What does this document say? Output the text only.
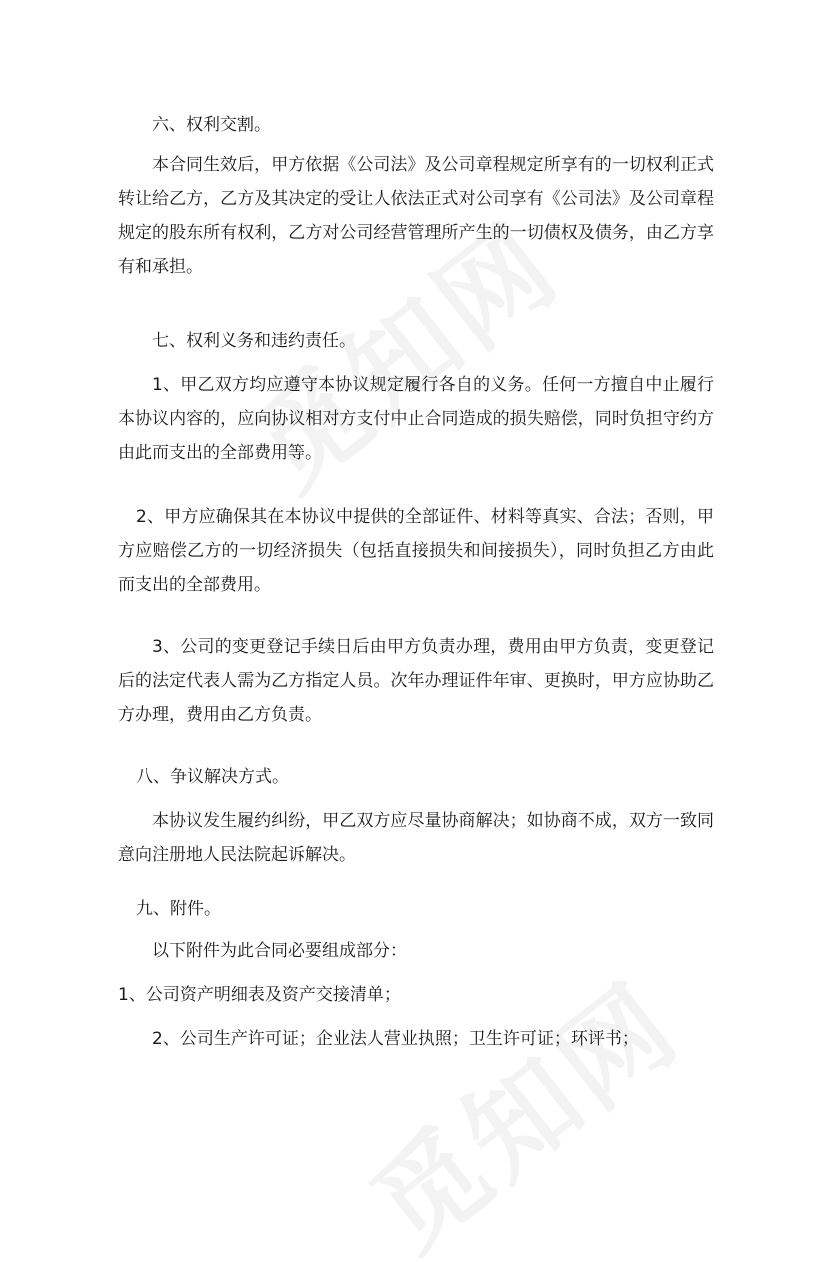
六、权利交割。

本合同生效后，甲方依据《公司法》及公司章程规定所享有的一切权利正式转让给乙方，乙方及其决定的受让人依法正式对公司享有《公司法》及公司章程规定的股东所有权利，乙方对公司经营管理所产生的一切债权及债务，由乙方享有和承担。

七、权利义务和违约责任。

1、甲乙双方均应遵守本协议规定履行各自的义务。任何一方擅自中止履行本协议内容的，应向协议相对方支付中止合同造成的损失赔偿，同时负担守约方由此而支出的全部费用等。

2、甲方应确保其在本协议中提供的全部证件、材料等真实、合法；否则，甲方应赔偿乙方的一切经济损失（包括直接损失和间接损失），同时负担乙方由此而支出的全部费用。

3、公司的变更登记手续日后由甲方负责办理，费用由甲方负责，变更登记后的法定代表人需为乙方指定人员。次年办理证件年审、更换时，甲方应协助乙方办理，费用由乙方负责。

八、争议解决方式。

本协议发生履约纠纷，甲乙双方应尽量协商解决；如协商不成，双方一致同意向注册地人民法院起诉解决。

九、附件。

以下附件为此合同必要组成部分：

1、公司资产明细表及资产交接清单；

2、公司生产许可证；企业法人营业执照；卫生许可证；环评书；
